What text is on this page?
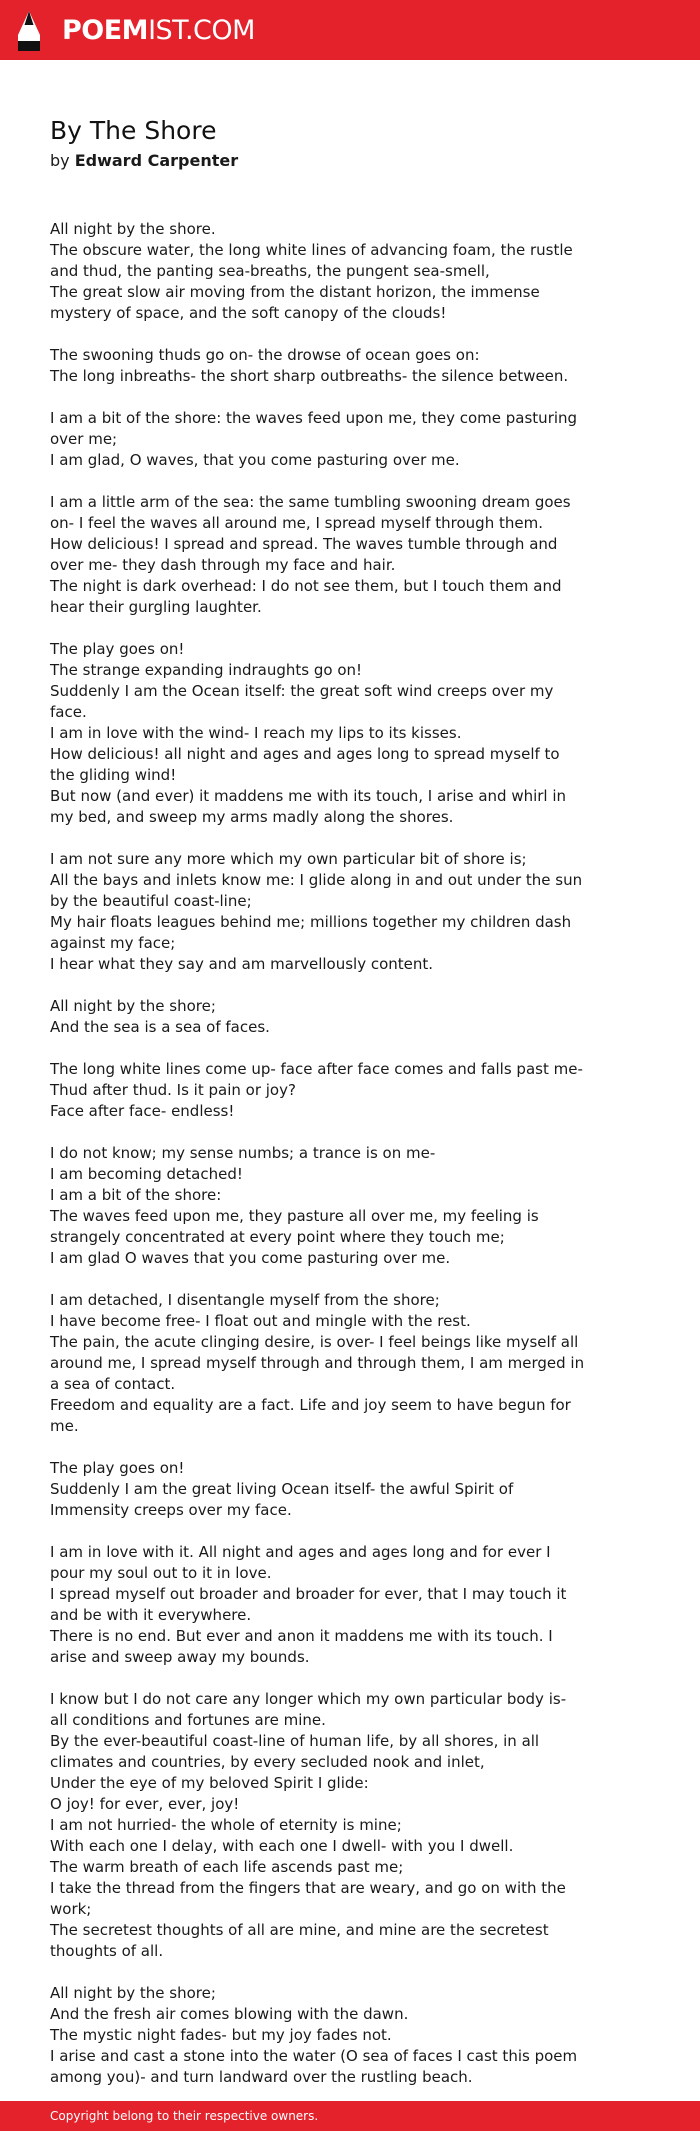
POEMIST.COM
By The Shore

by Edward Carpenter

All night by the shore.
The obscure water, the long white lines of advancing foam, the rustle and thud, the panting sea-breaths, the pungent sea-smell,
The great slow air moving from the distant horizon, the immense mystery of space, and the soft canopy of the clouds!
The swooning thuds go on- the drowse of ocean goes on:
The long inbreaths- the short sharp outbreaths- the silence between.
I am a bit of the shore: the waves feed upon me, they come pasturing over me;
I am glad, O waves, that you come pasturing over me.
I am a little arm of the sea: the same tumbling swooning dream goes on- I feel the waves all around me, I spread myself through them.
How delicious! I spread and spread. The waves tumble through and over me- they dash through my face and hair.
The night is dark overhead: I do not see them, but I touch them and hear their gurgling laughter.
The play goes on!
The strange expanding indraughts go on!
Suddenly I am the Ocean itself: the great soft wind creeps over my face.
I am in love with the wind- I reach my lips to its kisses.
How delicious! all night and ages and ages long to spread myself to the gliding wind!
But now (and ever) it maddens me with its touch, I arise and whirl in my bed, and sweep my arms madly along the shores.
I am not sure any more which my own particular bit of shore is;
All the bays and inlets know me: I glide along in and out under the sun by the beautiful coast-line;
My hair floats leagues behind me; millions together my children dash against my face;
I hear what they say and am marvellously content.
All night by the shore;
And the sea is a sea of faces.
The long white lines come up- face after face comes and falls past me-
Thud after thud. Is it pain or joy?
Face after face- endless!
I do not know; my sense numbs; a trance is on me-
I am becoming detached!
I am a bit of the shore:
The waves feed upon me, they pasture all over me, my feeling is strangely concentrated at every point where they touch me;
I am glad O waves that you come pasturing over me.
I am detached, I disentangle myself from the shore;
I have become free- I float out and mingle with the rest.
The pain, the acute clinging desire, is over- I feel beings like myself all around me, I spread myself through and through them, I am merged in a sea of contact.
Freedom and equality are a fact. Life and joy seem to have begun for me.
The play goes on!
Suddenly I am the great living Ocean itself- the awful Spirit of Immensity creeps over my face.
I am in love with it. All night and ages and ages long and for ever I pour my soul out to it in love.
I spread myself out broader and broader for ever, that I may touch it and be with it everywhere.
There is no end. But ever and anon it maddens me with its touch. I arise and sweep away my bounds.
I know but I do not care any longer which my own particular body is- all conditions and fortunes are mine.
By the ever-beautiful coast-line of human life, by all shores, in all climates and countries, by every secluded nook and inlet,
Under the eye of my beloved Spirit I glide:
O joy! for ever, ever, joy!
I am not hurried- the whole of eternity is mine;
With each one I delay, with each one I dwell- with you I dwell.
The warm breath of each life ascends past me;
I take the thread from the fingers that are weary, and go on with the work;
The secretest thoughts of all are mine, and mine are the secretest thoughts of all.
All night by the shore;
And the fresh air comes blowing with the dawn.
The mystic night fades- but my joy fades not.
I arise and cast a stone into the water (O sea of faces I cast this poem among you)- and turn landward over the rustling beach.
Copyright belong to their respective owners.
